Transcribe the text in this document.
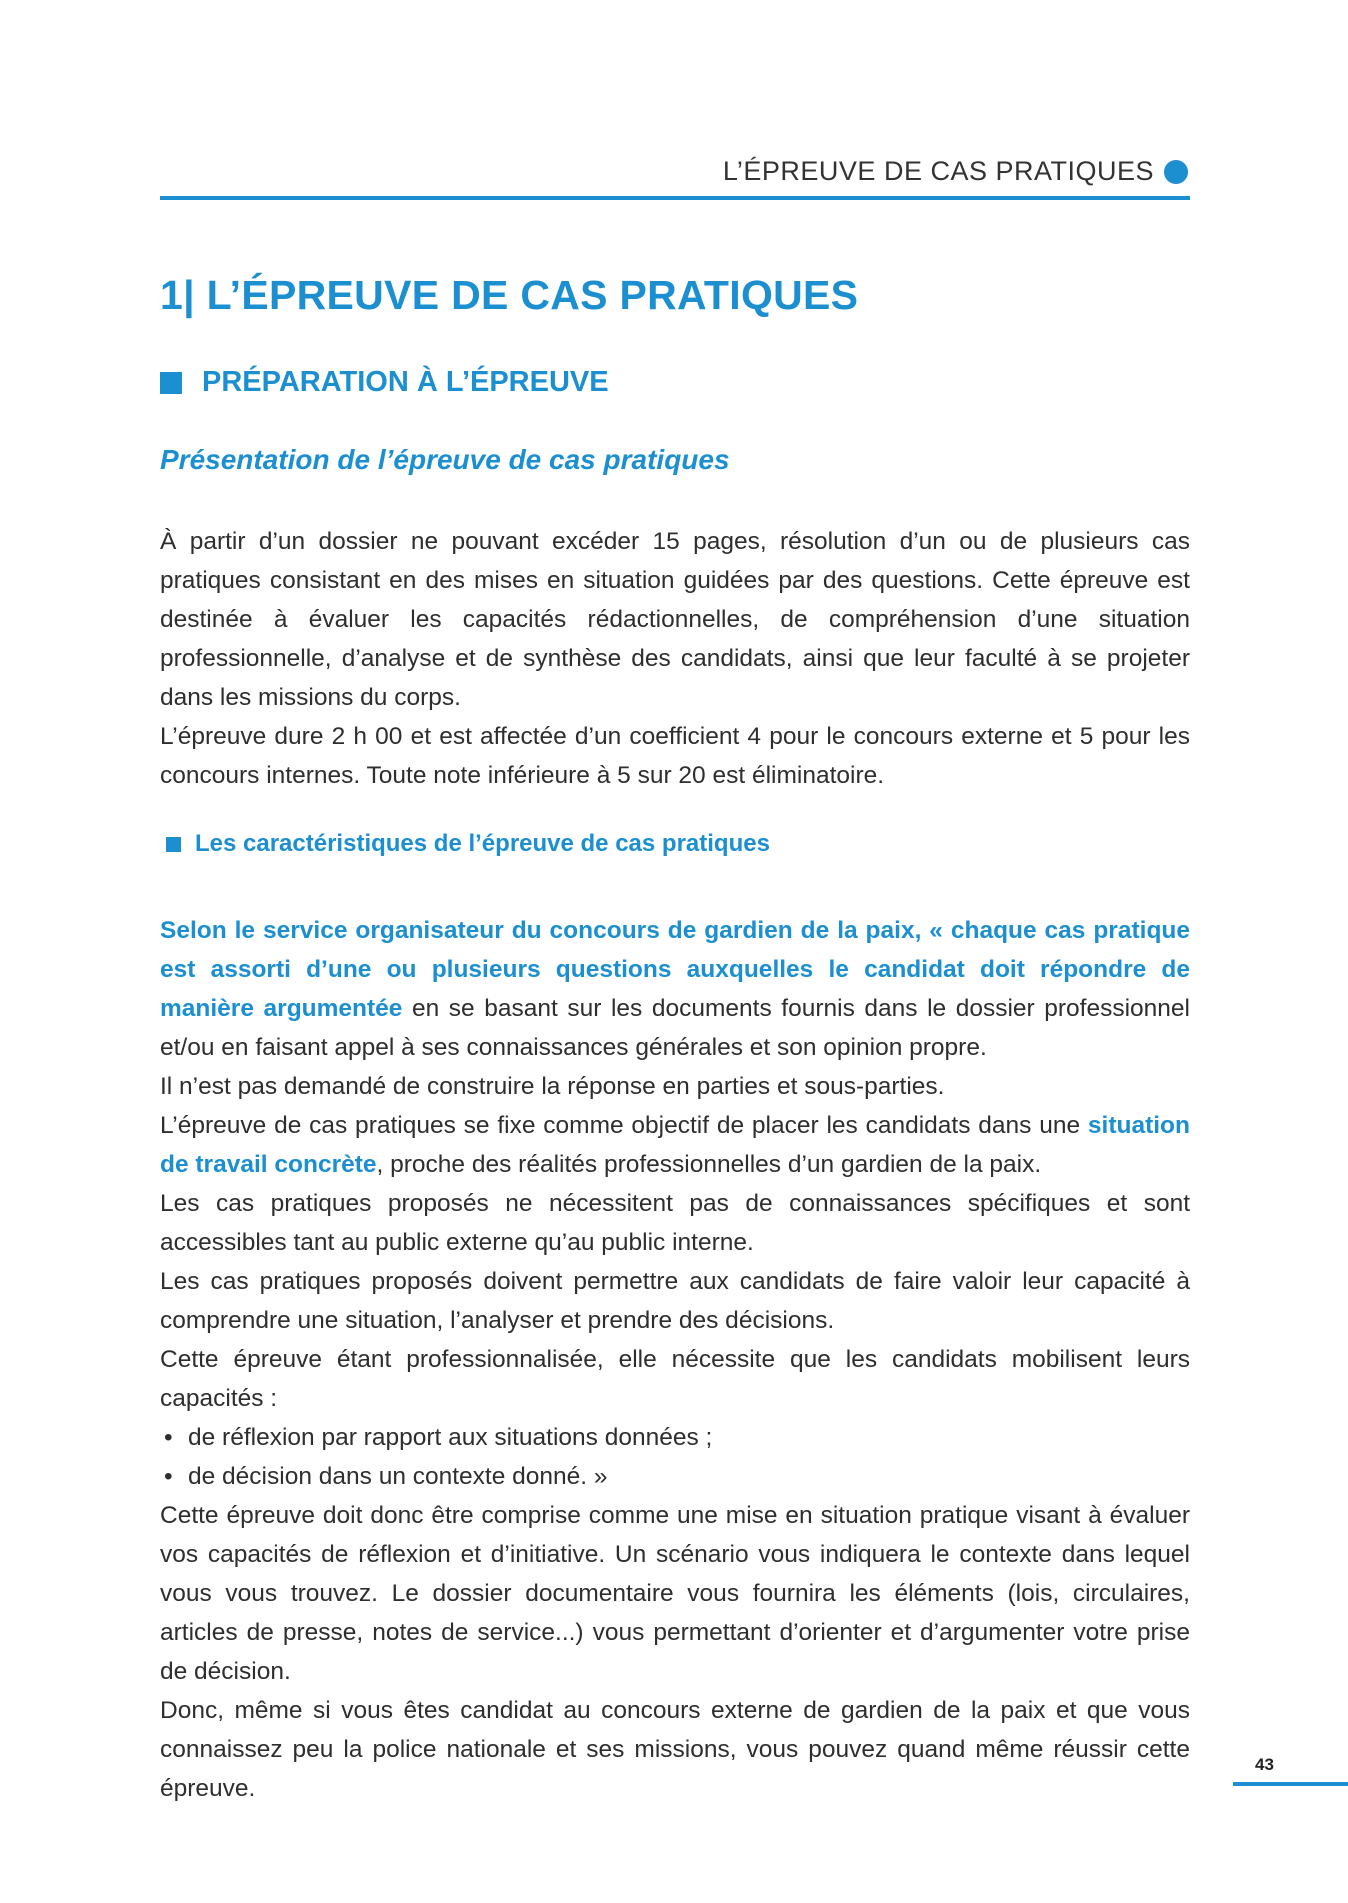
L’ÉPREUVE DE CAS PRATIQUES
1| L’ÉPREUVE DE CAS PRATIQUES
PRÉPARATION À L’ÉPREUVE
Présentation de l’épreuve de cas pratiques

À partir d’un dossier ne pouvant excéder 15 pages, résolution d’un ou de plusieurs cas pratiques consistant en des mises en situation guidées par des questions. Cette épreuve est destinée à évaluer les capacités rédactionnelles, de compréhension d’une situation professionnelle, d’analyse et de synthèse des candidats, ainsi que leur faculté à se projeter dans les missions du corps.

L’épreuve dure 2 h 00 et est affectée d’un coefficient 4 pour le concours externe et 5 pour les concours internes. Toute note inférieure à 5 sur 20 est éliminatoire.

Les caractéristiques de l’épreuve de cas pratiques
Selon le service organisateur du concours de gardien de la paix, « chaque cas pratique est assorti d’une ou plusieurs questions auxquelles le candidat doit répondre de manière argumentée en se basant sur les documents fournis dans le dossier professionnel et/ou en faisant appel à ses connaissances générales et son opinion propre.
Il n’est pas demandé de construire la réponse en parties et sous-parties.
L’épreuve de cas pratiques se fixe comme objectif de placer les candidats dans une situation de travail concrète, proche des réalités professionnelles d’un gardien de la paix.
Les cas pratiques proposés ne nécessitent pas de connaissances spécifiques et sont accessibles tant au public externe qu’au public interne.
Les cas pratiques proposés doivent permettre aux candidats de faire valoir leur capacité à comprendre une situation, l’analyser et prendre des décisions.
Cette épreuve étant professionnalisée, elle nécessite que les candidats mobilisent leurs capacités :
• de réflexion par rapport aux situations données ;
• de décision dans un contexte donné. »

Cette épreuve doit donc être comprise comme une mise en situation pratique visant à évaluer vos capacités de réflexion et d’initiative. Un scénario vous indiquera le contexte dans lequel vous vous trouvez. Le dossier documentaire vous fournira les éléments (lois, circulaires, articles de presse, notes de service...) vous permettant d’orienter et d’argumenter votre prise de décision.

Donc, même si vous êtes candidat au concours externe de gardien de la paix et que vous connaissez peu la police nationale et ses missions, vous pouvez quand même réussir cette épreuve.

43
